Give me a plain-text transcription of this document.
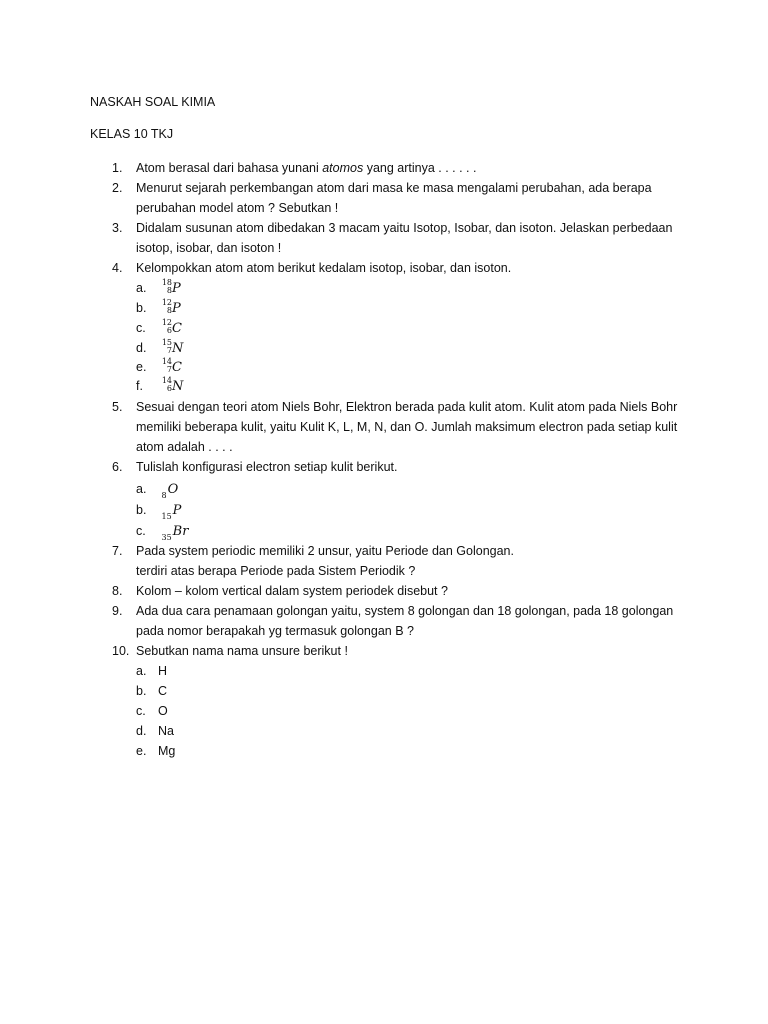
NASKAH SOAL KIMIA
KELAS 10 TKJ
1.	Atom berasal dari bahasa yunani atomos yang artinya . . . . . .
2.	Menurut sejarah perkembangan atom dari masa ke masa mengalami perubahan, ada berapa perubahan model atom ? Sebutkan !
3.	Didalam susunan atom dibedakan 3 macam yaitu Isotop, Isobar, dan isoton. Jelaskan perbedaan isotop, isobar, dan isoton !
4.	Kelompokkan atom atom berikut kedalam isotop, isobar, dan isoton.
a. 18
8 P
b. 12
8 P
c. 12
6 C
d. 15
7 N
e. 14
7 C
f. 14
6 N
5.	Sesuai dengan teori atom Niels Bohr, Elektron berada pada kulit atom. Kulit atom pada Niels Bohr memiliki beberapa kulit, yaitu Kulit K, L, M, N, dan O. Jumlah maksimum electron pada setiap kulit atom adalah . . . .
6.	Tulislah konfigurasi electron setiap kulit berikut.
a. 8O
b. 15P
c. 35Br
7.	Pada system periodic memiliki 2 unsur, yaitu Periode dan Golongan. terdiri atas berapa Periode pada Sistem Periodik ?
8.	Kolom – kolom vertical dalam system periodek disebut ?
9.	Ada dua cara penamaan golongan yaitu, system 8 golongan dan 18 golongan, pada 18 golongan pada nomor berapakah yg termasuk golongan B ?
10. Sebutkan nama nama unsure berikut !
a. H
b. C
c. O
d. Na
e. Mg
